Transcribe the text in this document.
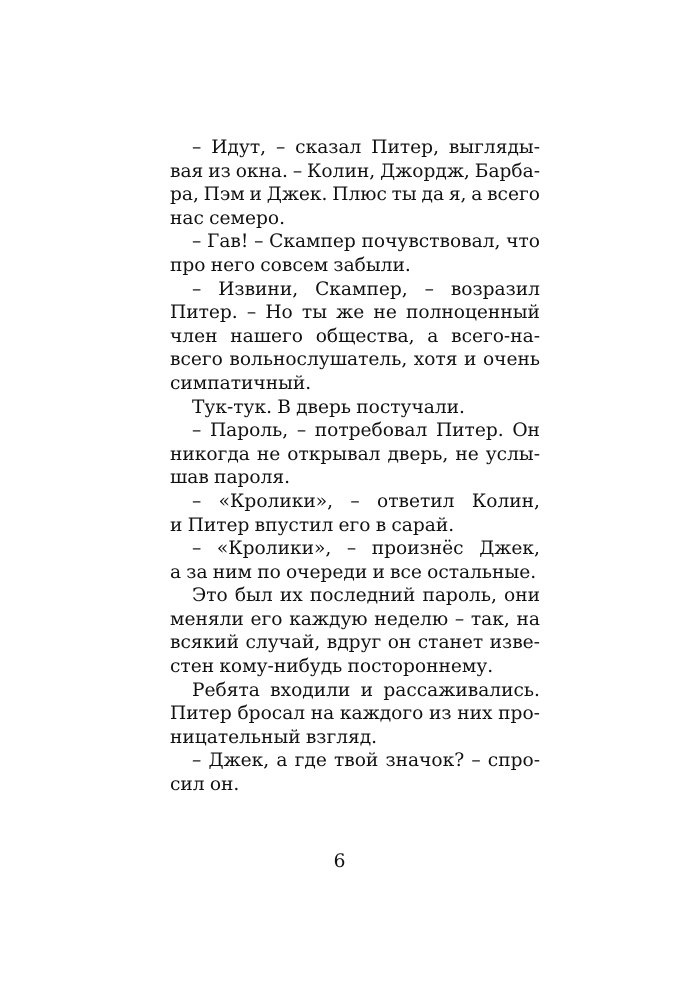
– Идут, – сказал Питер, выгляды-
вая из окна. – Колин, Джордж, Барба-
ра, Пэм и Джек. Плюс ты да я, а всего
нас семеро.
– Гав! – Скампер почувствовал, что
про него совсем забыли.
– Извини, Скампер, – возразил
Питер. – Но ты же не полноценный
член нашего общества, а всего-на-
всего вольнослушатель, хотя и очень
симпатичный.
Тук-тук. В дверь постучали.
– Пароль, – потребовал Питер. Он
никогда не открывал дверь, не услы-
шав пароля.
– «Кролики», – ответил Колин,
и Питер впустил его в сарай.
– «Кролики», – произнёс Джек,
а за ним по очереди и все остальные.
Это был их последний пароль, они
меняли его каждую неделю – так, на
всякий случай, вдруг он станет изве-
стен кому-нибудь постороннему.
Ребята входили и рассаживались.
Питер бросал на каждого из них про-
ницательный взгляд.
– Джек, а где твой значок? – спро-
сил он.
6
